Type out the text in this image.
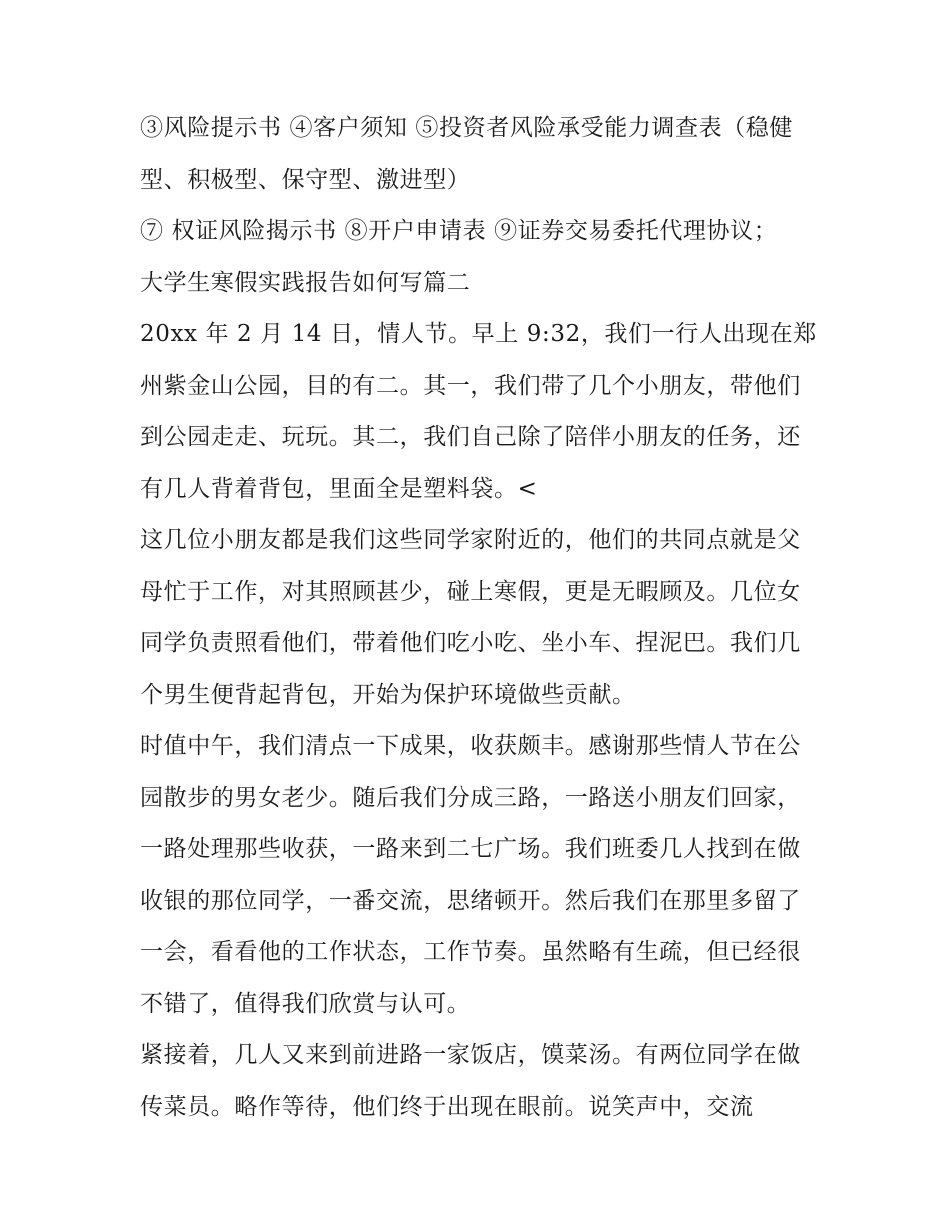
③风险提示书 ④客户须知 ⑤投资者风险承受能力调查表（稳健型、积极型、保守型、激进型）

⑦ 权证风险揭示书 ⑧开户申请表 ⑨证券交易委托代理协议；

大学生寒假实践报告如何写篇二

20xx 年 2 月 14 日，情人节。早上 9:32，我们一行人出现在郑州紫金山公园，目的有二。其一，我们带了几个小朋友，带他们到公园走走、玩玩。其二，我们自己除了陪伴小朋友的任务，还有几人背着背包，里面全是塑料袋。<

这几位小朋友都是我们这些同学家附近的，他们的共同点就是父母忙于工作，对其照顾甚少，碰上寒假，更是无暇顾及。几位女同学负责照看他们，带着他们吃小吃、坐小车、捏泥巴。我们几个男生便背起背包，开始为保护环境做些贡献。

时值中午，我们清点一下成果，收获颇丰。感谢那些情人节在公园散步的男女老少。随后我们分成三路，一路送小朋友们回家，一路处理那些收获，一路来到二七广场。我们班委几人找到在做收银的那位同学，一番交流，思绪顿开。然后我们在那里多留了一会，看看他的工作状态，工作节奏。虽然略有生疏，但已经很不错了，值得我们欣赏与认可。

紧接着，几人又来到前进路一家饭店，馍菜汤。有两位同学在做传菜员。略作等待，他们终于出现在眼前。说笑声中，交流
